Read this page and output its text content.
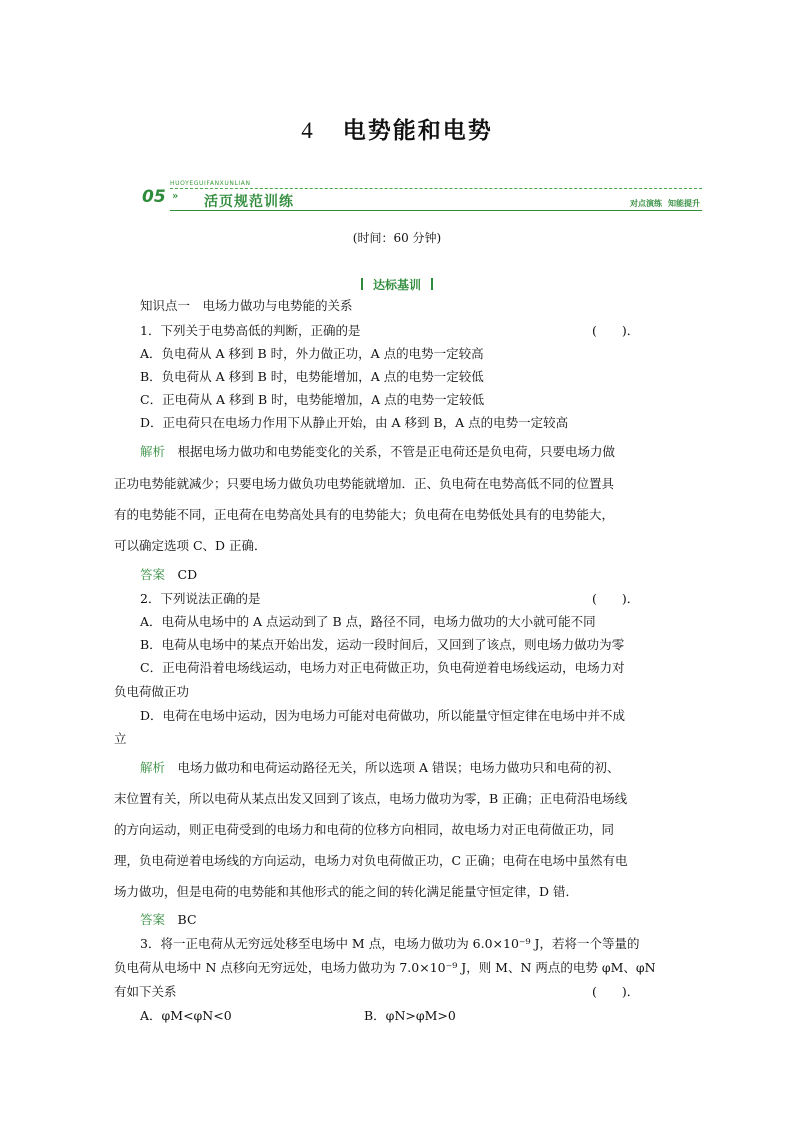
4 电势能和电势
HUOYEGUIFANXUNLIAN
05 » 活页规范训练	对点演练 知能提升
(时间：60 分钟)
达标基训
知识点一　电场力做功与电势能的关系
1．下列关于电势高低的判断，正确的是	(　　)．
A．负电荷从 A 移到 B 时，外力做正功，A 点的电势一定较高
B．负电荷从 A 移到 B 时，电势能增加，A 点的电势一定较低
C．正电荷从 A 移到 B 时，电势能增加，A 点的电势一定较低
D．正电荷只在电场力作用下从静止开始，由 A 移到 B，A 点的电势一定较高
解析　 根据电场力做功和电势能变化的关系，不管是正电荷还是负电荷，只要电场力做
正功电势能就减少；只要电场力做负功电势能就增加．正、负电荷在电势高低不同的位置具
有的电势能不同，正电荷在电势高处具有的电势能大；负电荷在电势低处具有的电势能大，
可以确定选项 C、D 正确．
答案　 CD
2．下列说法正确的是	(　　)．
A．电荷从电场中的 A 点运动到了 B 点，路径不同，电场力做功的大小就可能不同
B．电荷从电场中的某点开始出发，运动一段时间后，又回到了该点，则电场力做功为零
C．正电荷沿着电场线运动，电场力对正电荷做正功，负电荷逆着电场线运动，电场力对
负电荷做正功
D．电荷在电场中运动，因为电场力可能对电荷做功，所以能量守恒定律在电场中并不成
立
解析　 电场力做功和电荷运动路径无关，所以选项 A 错误；电场力做功只和电荷的初、
末位置有关，所以电荷从某点出发又回到了该点，电场力做功为零，B 正确；正电荷沿电场线
的方向运动，则正电荷受到的电场力和电荷的位移方向相同，故电场力对正电荷做正功，同
理，负电荷逆着电场线的方向运动，电场力对负电荷做正功，C 正确；电荷在电场中虽然有电
场力做功，但是电荷的电势能和其他形式的能之间的转化满足能量守恒定律，D 错．
答案　 BC
3．将一正电荷从无穷远处移至电场中 M 点，电场力做功为 6.0×10⁻⁹ J，若将一个等量的
负电荷从电场中 N 点移向无穷远处，电场力做功为 7.0×10⁻⁹ J，则 M、N 两点的电势 φM、φN
有如下关系	(　　)．
A．φM<φN<0	B．φN>φM>0
